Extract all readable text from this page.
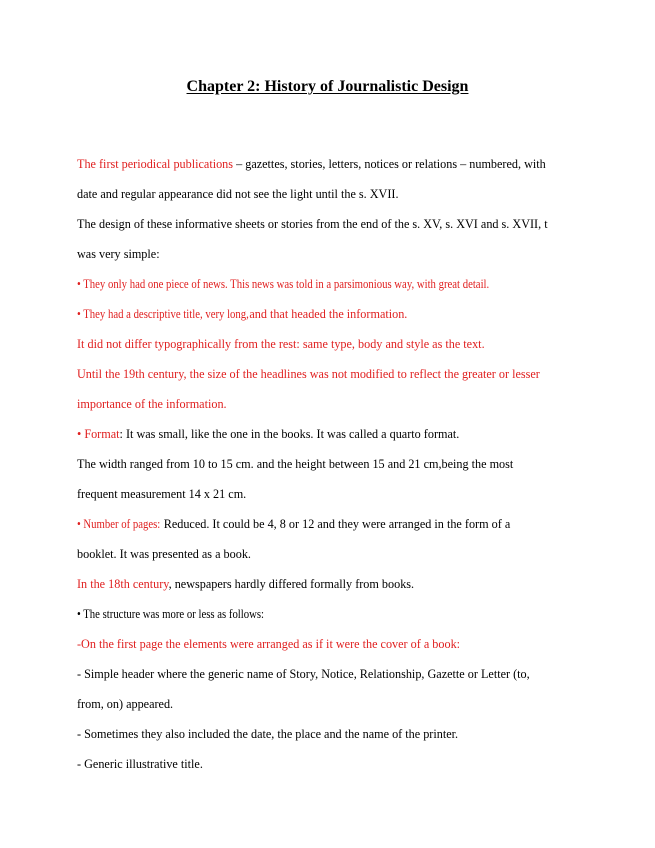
Chapter 2: History of Journalistic Design
The first periodical publications – gazettes, stories, letters, notices or relations – numbered, with
date and regular appearance did not see the light until the s. XVII.
The design of these informative sheets or stories from the end of the s. XV, s. XVI and s. XVII, t
was very simple:
• They only had one piece of news. This news was told in a parsimonious way, with great detail.
• They had a descriptive title, very long, and that headed the information.
It did not differ typographically from the rest: same type, body and style as the text.
Until the 19th century, the size of the headlines was not modified to reflect the greater or lesser
importance of the information.
• Format: It was small, like the one in the books. It was called a quarto format.
The width ranged from 10 to 15 cm. and the height between 15 and 21 cm,being the most
frequent measurement 14 x 21 cm.
• Number of pages: Reduced. It could be 4, 8 or 12 and they were arranged in the form of a
booklet. It was presented as a book.
In the 18th century, newspapers hardly differed formally from books.
• The structure was more or less as follows:
-On the first page the elements were arranged as if it were the cover of a book:
- Simple header where the generic name of Story, Notice, Relationship, Gazette or Letter (to,
from, on) appeared.
- Sometimes they also included the date, the place and the name of the printer.
- Generic illustrative title.
